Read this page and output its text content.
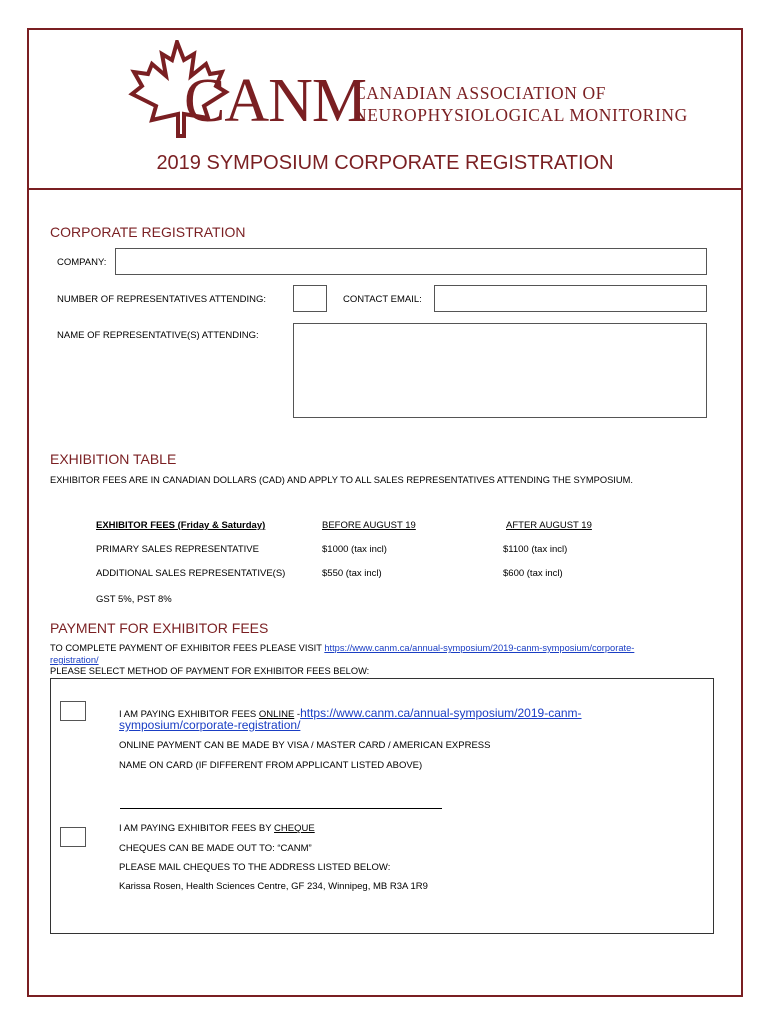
CANM
CANADIAN ASSOCIATION OF
NEUROPHYSIOLOGICAL MONITORING
2019 SYMPOSIUM CORPORATE REGISTRATION
CORPORATE REGISTRATION
COMPANY:
NUMBER OF REPRESENTATIVES ATTENDING:	CONTACT EMAIL:
NAME OF REPRESENTATIVE(S) ATTENDING:
EXHIBITION TABLE
EXHIBITOR FEES ARE IN CANADIAN DOLLARS (CAD) AND APPLY TO ALL SALES REPRESENTATIVES ATTENDING THE SYMPOSIUM.
EXHIBITOR FEES (Friday & Saturday)	BEFORE AUGUST 19	AFTER AUGUST 19
PRIMARY SALES REPRESENTATIVE	$1000 (tax incl)	$1100 (tax incl)
ADDITIONAL SALES REPRESENTATIVE(S)	$550 (tax incl)	$600 (tax incl)
GST 5%, PST 8%
PAYMENT FOR EXHIBITOR FEES
TO COMPLETE PAYMENT OF EXHIBITOR FEES PLEASE VISIT https://www.canm.ca/annual-symposium/2019-canm-symposium/corporate-
registration/
PLEASE SELECT METHOD OF PAYMENT FOR EXHIBITOR FEES BELOW:
I AM PAYING EXHIBITOR FEES ONLINE -https://www.canm.ca/annual-symposium/2019-canm-
symposium/corporate-registration/
ONLINE PAYMENT CAN BE MADE BY VISA / MASTER CARD / AMERICAN EXPRESS
NAME ON CARD (IF DIFFERENT FROM APPLICANT LISTED ABOVE)
I AM PAYING EXHIBITOR FEES BY CHEQUE
CHEQUES CAN BE MADE OUT TO: “CANM”
PLEASE MAIL CHEQUES TO THE ADDRESS LISTED BELOW:
Karissa Rosen, Health Sciences Centre, GF 234, Winnipeg, MB R3A 1R9
